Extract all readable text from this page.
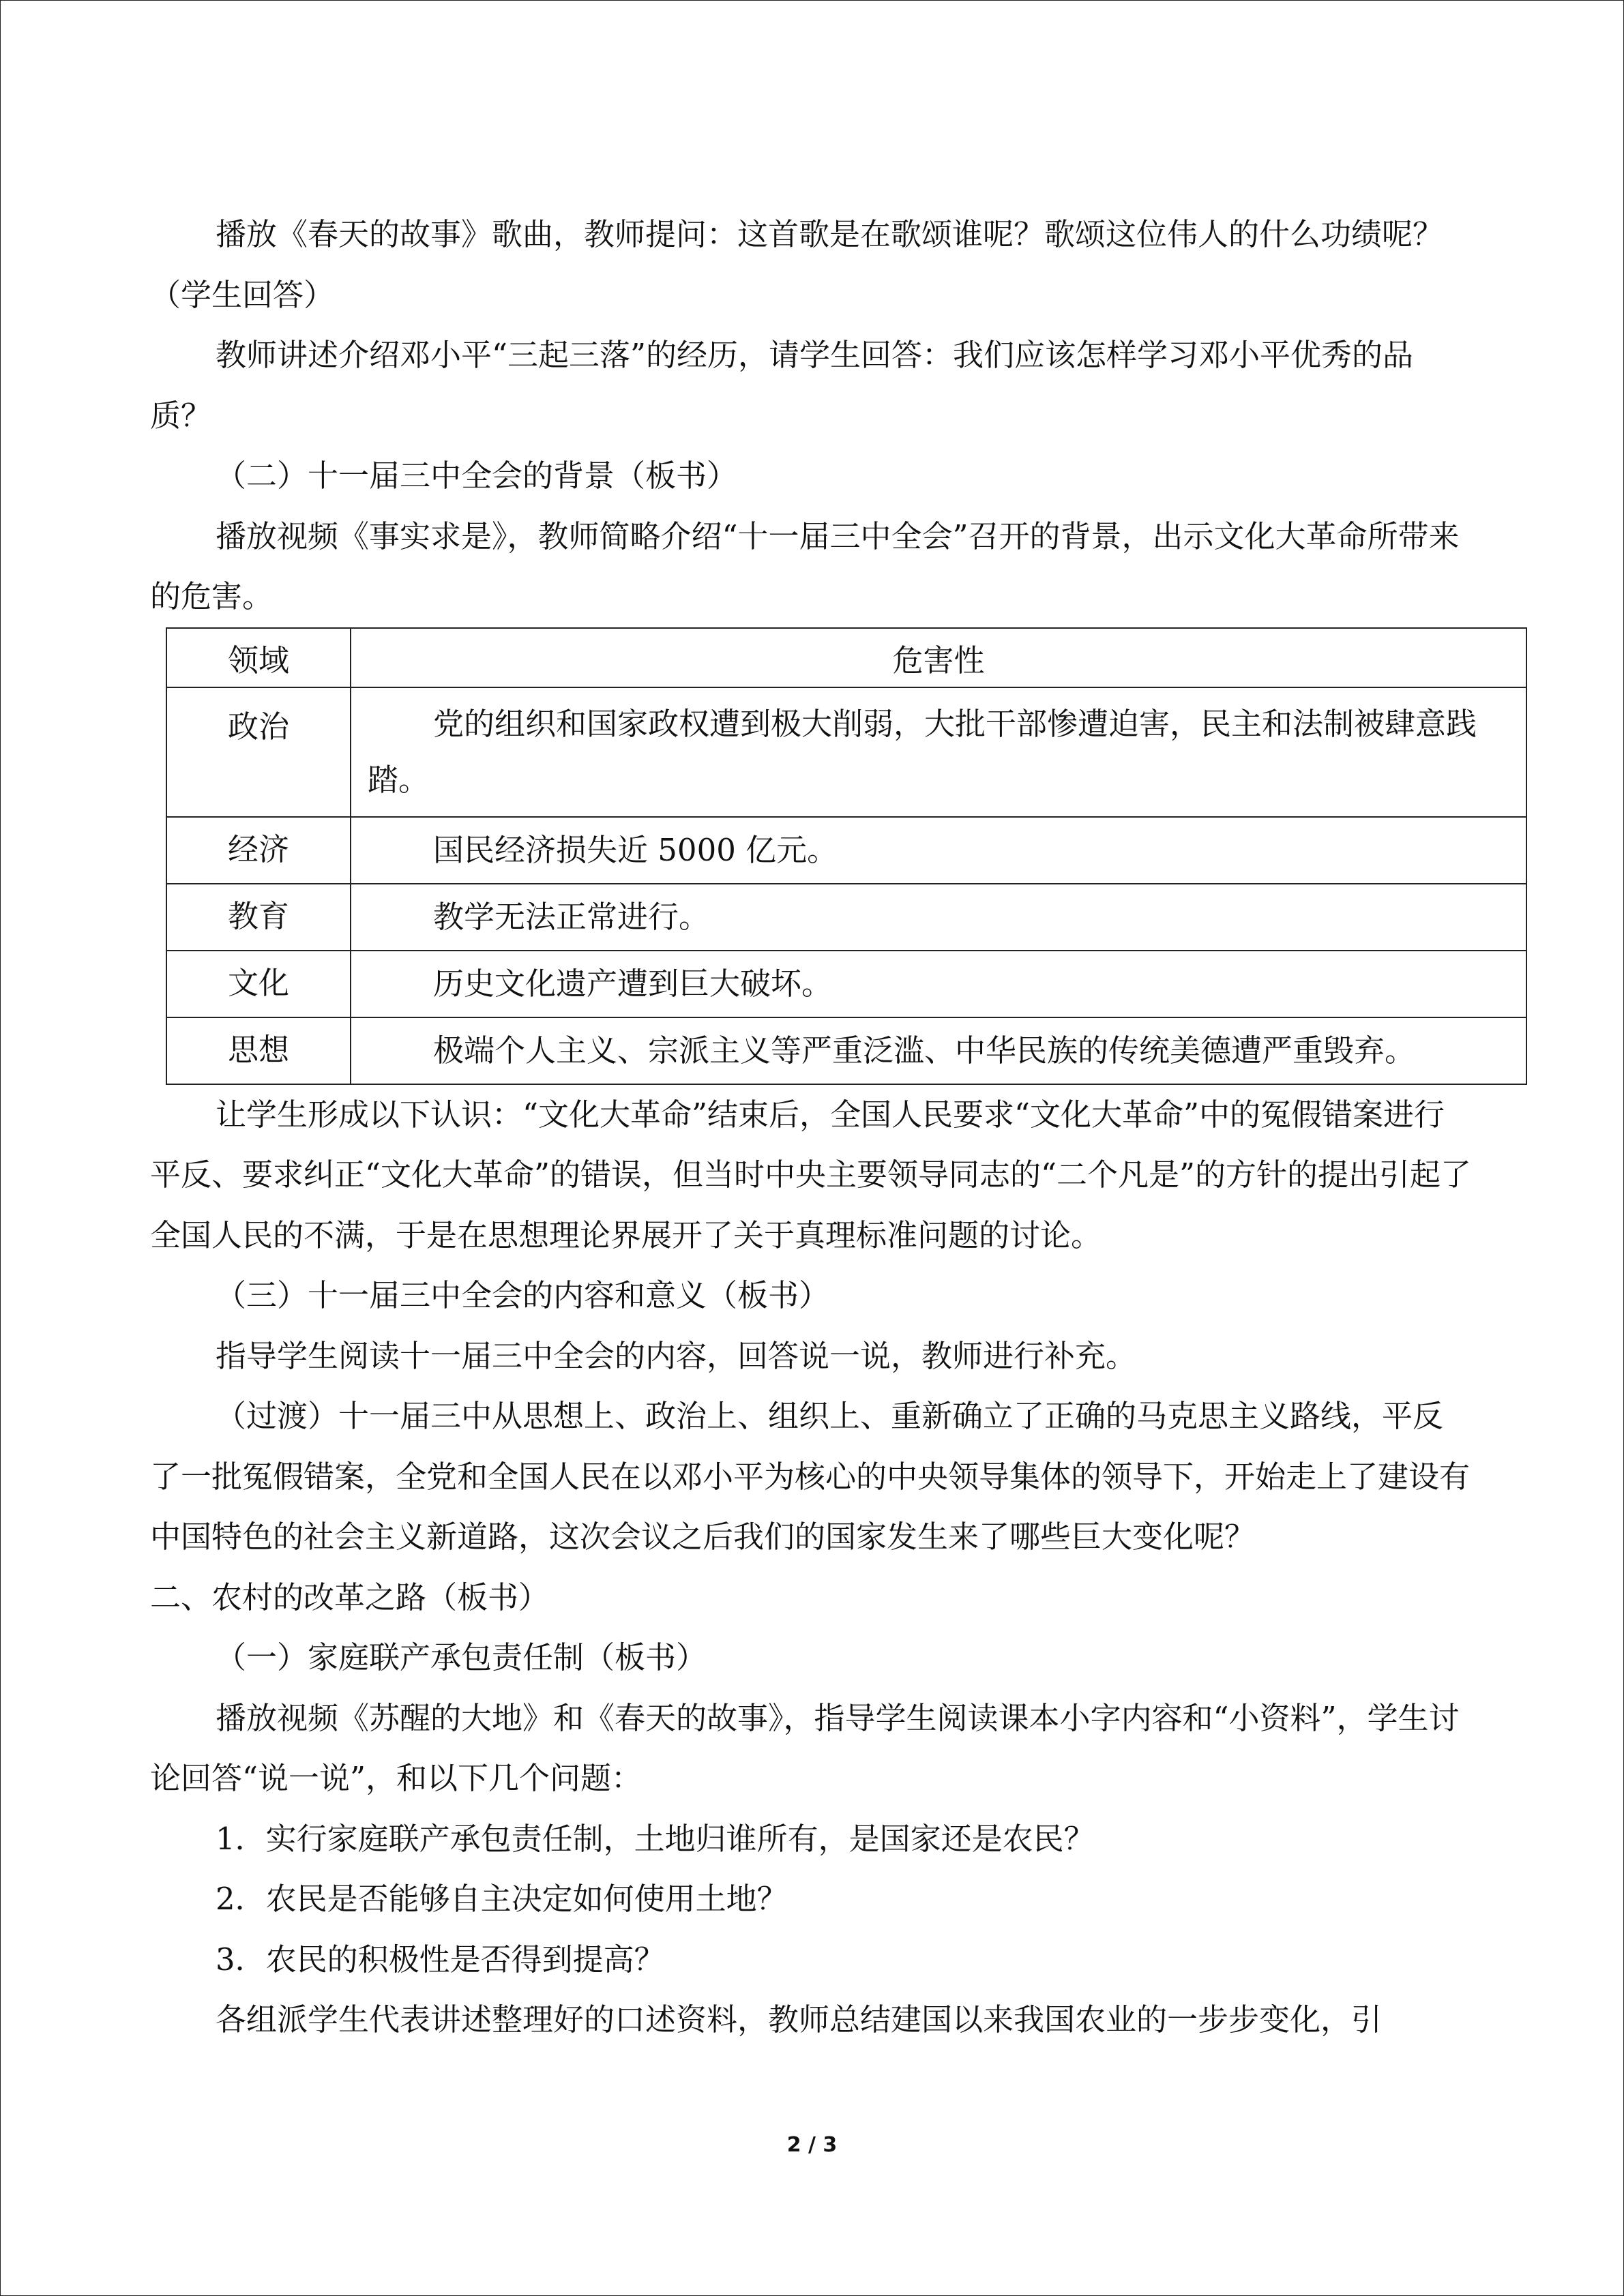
播放《春天的故事》歌曲，教师提问：这首歌是在歌颂谁呢？歌颂这位伟人的什么功绩呢？（学生回答）

教师讲述介绍邓小平“三起三落”的经历，请学生回答：我们应该怎样学习邓小平优秀的品质？

（二）十一届三中全会的背景（板书）

播放视频《事实求是》，教师简略介绍“十一届三中全会”召开的背景，出示文化大革命所带来的危害。

领域	危害性
政治	党的组织和国家政权遭到极大削弱，大批干部惨遭迫害，民主和法制被肆意践踏。
经济	国民经济损失近 5000 亿元。
教育	教学无法正常进行。
文化	历史文化遗产遭到巨大破坏。
思想	极端个人主义、宗派主义等严重泛滥、中华民族的传统美德遭严重毁弃。

让学生形成以下认识：“文化大革命”结束后，全国人民要求“文化大革命”中的冤假错案进行平反、要求纠正“文化大革命”的错误，但当时中央主要领导同志的“二个凡是”的方针的提出引起了全国人民的不满，于是在思想理论界展开了关于真理标准问题的讨论。

（三）十一届三中全会的内容和意义（板书）

指导学生阅读十一届三中全会的内容，回答说一说，教师进行补充。

（过渡）十一届三中从思想上、政治上、组织上、重新确立了正确的马克思主义路线，平反了一批冤假错案，全党和全国人民在以邓小平为核心的中央领导集体的领导下，开始走上了建设有中国特色的社会主义新道路，这次会议之后我们的国家发生来了哪些巨大变化呢？

二、农村的改革之路（板书）

（一）家庭联产承包责任制（板书）

播放视频《苏醒的大地》和《春天的故事》，指导学生阅读课本小字内容和“小资料”，学生讨论回答“说一说”，和以下几个问题：

1．实行家庭联产承包责任制，土地归谁所有，是国家还是农民？

2．农民是否能够自主决定如何使用土地？

3．农民的积极性是否得到提高？

各组派学生代表讲述整理好的口述资料，教师总结建国以来我国农业的一步步变化，引

2 / 3
